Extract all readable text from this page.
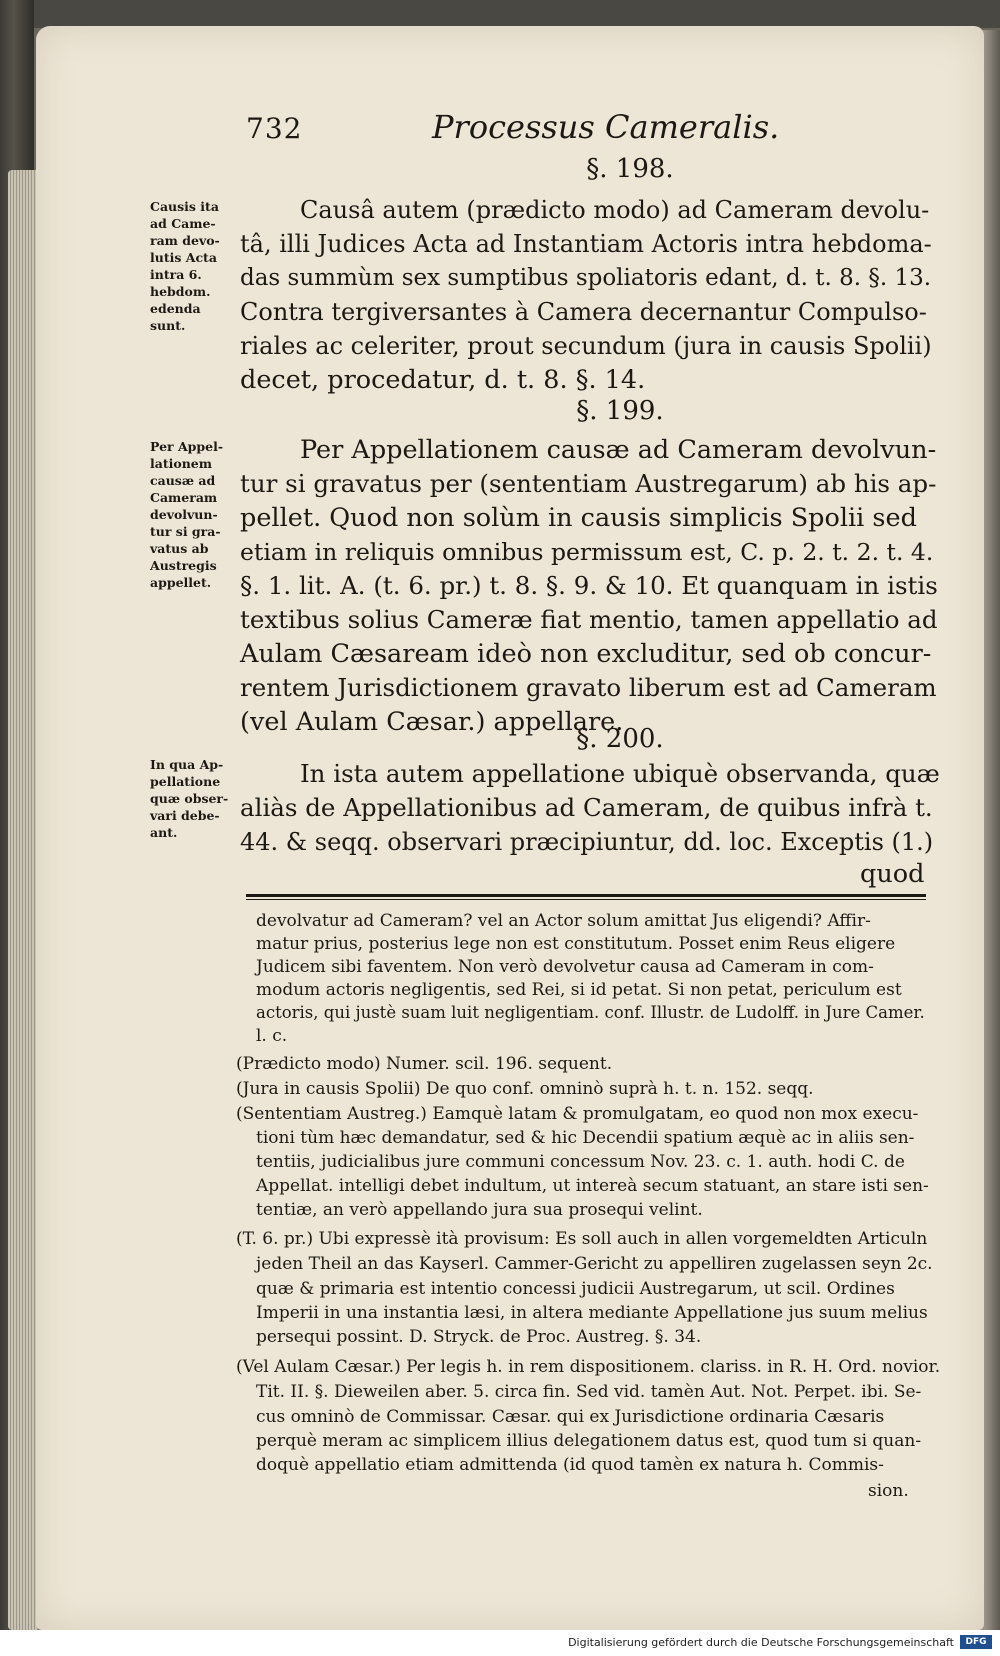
732	Processus Cameralis.
§. 198.
Causis ita
ad Came-
ram devo-
lutis Acta
intra 6.
hebdom.
edenda
sunt.
Causâ autem (prædicto modo) ad Cameram devolu-
tâ, illi Judices Acta ad Instantiam Actoris intra hebdoma-
das summùm sex sumptibus spoliatoris edant, d. t. 8. §. 13.
Contra tergiversantes à Camera decernantur Compulso-
riales ac celeriter, prout secundum (jura in causis Spolii)
decet, procedatur, d. t. 8. §. 14.
§. 199.
Per Appel-
lationem
causæ ad
Cameram
devolvun-
tur si gra-
vatus ab
Austregis
appellet.
Per Appellationem causæ ad Cameram devolvun-
tur si gravatus per (sententiam Austregarum) ab his ap-
pellet. Quod non solùm in causis simplicis Spolii sed
etiam in reliquis omnibus permissum est, C. p. 2. t. 2. t. 4.
§. 1. lit. A. (t. 6. pr.) t. 8. §. 9. & 10. Et quanquam in istis
textibus solius Cameræ fiat mentio, tamen appellatio ad
Aulam Cæsaream ideò non excluditur, sed ob concur-
rentem Jurisdictionem gravato liberum est ad Cameram
(vel Aulam Cæsar.) appellare.
§. 200.
In qua Ap-
pellatione
quæ obser-
vari debe-
ant.
In ista autem appellatione ubiquè observanda, quæ
aliàs de Appellationibus ad Cameram, de quibus infrà t.
44. & seqq. observari præcipiuntur, dd. loc. Exceptis (1.)
quod
devolvatur ad Cameram? vel an Actor solum amittat Jus eligendi? Affir-
matur prius, posterius lege non est constitutum. Posset enim Reus eligere
Judicem sibi faventem. Non verò devolvetur causa ad Cameram in com-
modum actoris negligentis, sed Rei, si id petat. Si non petat, periculum est
actoris, qui justè suam luit negligentiam. conf. Illustr. de Ludolff. in Jure Camer.
l. c.
(Prædicto modo) Numer. scil. 196. sequent.
(Jura in causis Spolii) De quo conf. omninò suprà h. t. n. 152. seqq.
(Sententiam Austreg.) Eamquè latam & promulgatam, eo quod non mox execu-
tioni tùm hæc demandatur, sed & hic Decendii spatium æquè ac in aliis sen-
tentiis, judicialibus jure communi concessum Nov. 23. c. 1. auth. hodi C. de
Appellat. intelligi debet indultum, ut intereà secum statuant, an stare isti sen-
tentiæ, an verò appellando jura sua prosequi velint.
(T. 6. pr.) Ubi expressè ità provisum: Es soll auch in allen vorgemeldten Articuln
jeden Theil an das Kayserl. Cammer-Gericht zu appelliren zugelassen seyn 2c.
quæ & primaria est intentio concessi judicii Austregarum, ut scil. Ordines
Imperii in una instantia læsi, in altera mediante Appellatione jus suum melius
persequi possint. D. Stryck. de Proc. Austreg. §. 34.
(Vel Aulam Cæsar.) Per legis h. in rem dispositionem. clariss. in R. H. Ord. novior.
Tit. II. §. Dieweilen aber. 5. circa fin. Sed vid. tamèn Aut. Not. Perpet. ibi. Se-
cus omninò de Commissar. Cæsar. qui ex Jurisdictione ordinaria Cæsaris
perquè meram ac simplicem illius delegationem datus est, quod tum si quan-
doquè appellatio etiam admittenda (id quod tamèn ex natura h. Commis-
sion.
Digitalisierung gefördert durch die Deutsche Forschungsgemeinschaft	DFG
